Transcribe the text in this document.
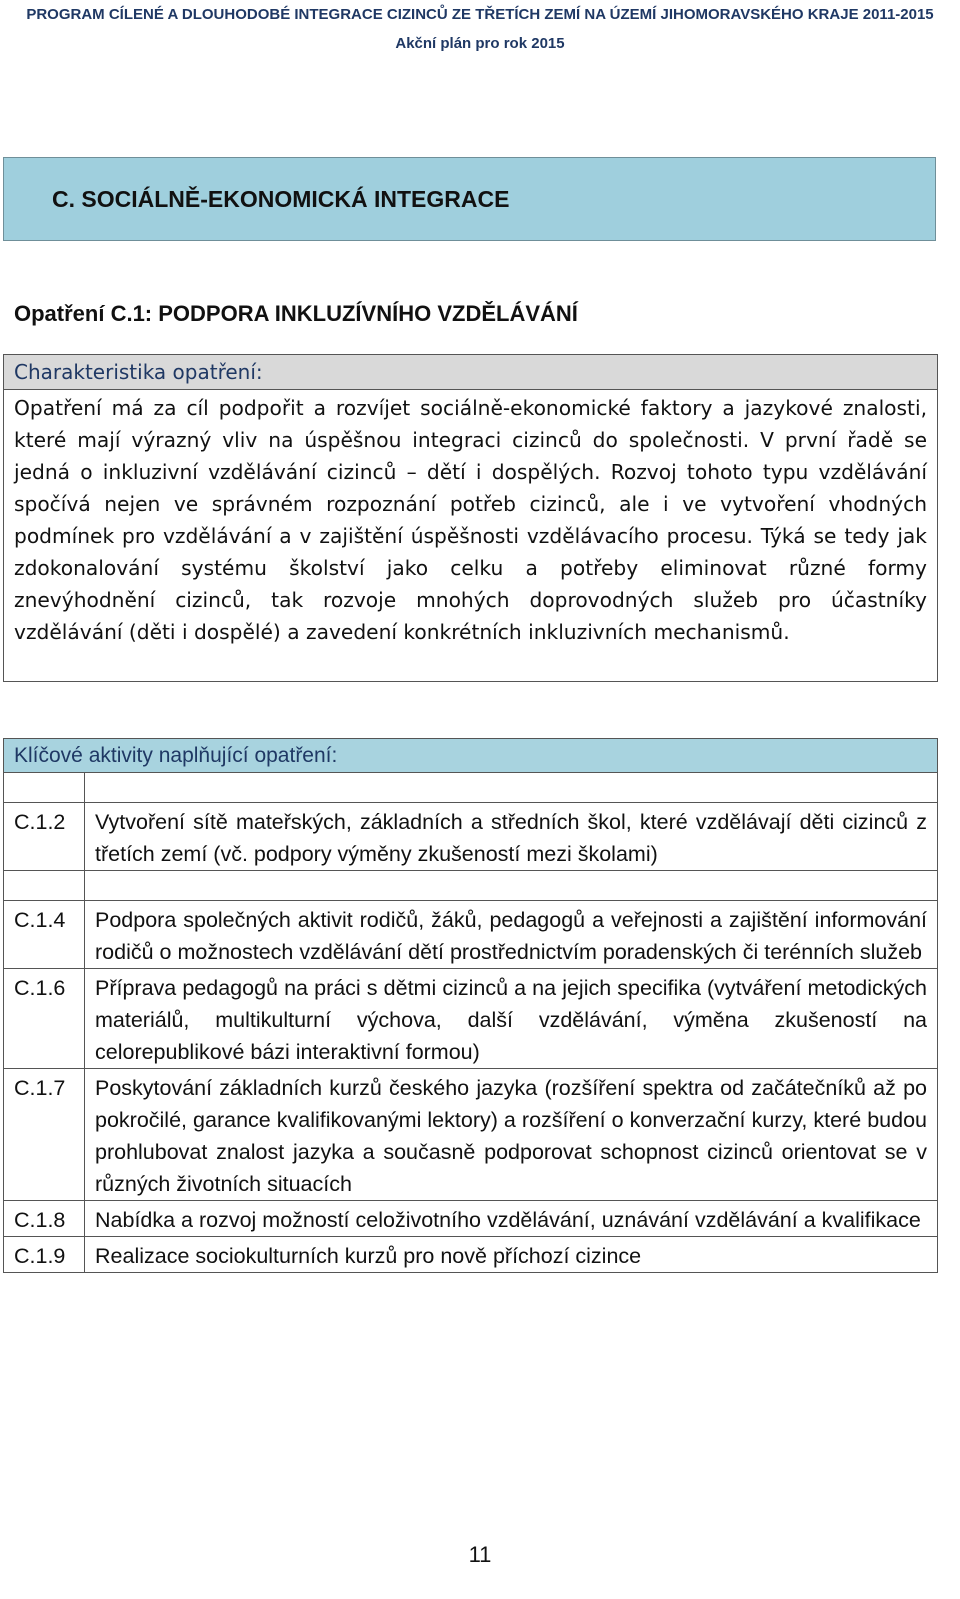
PROGRAM CÍLENÉ A DLOUHODOBÉ INTEGRACE CIZINCŮ ZE TŘETÍCH ZEMÍ NA ÚZEMÍ JIHOMORAVSKÉHO KRAJE 2011-2015
Akční plán pro rok 2015
C. SOCIÁLNĚ-EKONOMICKÁ INTEGRACE
Opatření C.1: PODPORA INKLUZÍVNÍHO VZDĚLÁVÁNÍ
Charakteristika opatření:
Opatření má za cíl podpořit a rozvíjet sociálně-ekonomické faktory a jazykové znalosti, které mají výrazný vliv na úspěšnou integraci cizinců do společnosti. V první řadě se jedná o inkluzivní vzdělávání cizinců – dětí i dospělých. Rozvoj tohoto typu vzdělávání spočívá nejen ve správném rozpoznání potřeb cizinců, ale i ve vytvoření vhodných podmínek pro vzdělávání a v zajištění úspěšnosti vzdělávacího procesu. Týká se tedy jak zdokonalování systému školství jako celku a potřeby eliminovat různé formy znevýhodnění cizinců, tak rozvoje mnohých doprovodných služeb pro účastníky vzdělávání (děti i dospělé) a zavedení konkrétních inkluzivních mechanismů.
Klíčové aktivity naplňující opatření:	

C.1.2	Vytvoření sítě mateřských, základních a středních škol, které vzdělávají děti cizinců z třetích zemí (vč. podpory výměny zkušeností mezi školami)

C.1.4	Podpora společných aktivit rodičů, žáků, pedagogů a veřejnosti a zajištění informování rodičů o možnostech vzdělávání dětí prostřednictvím poradenských či terénních služeb
C.1.6	Příprava pedagogů na práci s dětmi cizinců a na jejich specifika (vytváření metodických materiálů, multikulturní výchova, další vzdělávání, výměna zkušeností na celorepublikové bázi interaktivní formou)
C.1.7	Poskytování základních kurzů českého jazyka (rozšíření spektra od začátečníků až po pokročilé, garance kvalifikovanými lektory) a rozšíření o konverzační kurzy, které budou prohlubovat znalost jazyka a současně podporovat schopnost cizinců orientovat se v různých životních situacích
C.1.8	Nabídka a rozvoj možností celoživotního vzdělávání, uznávání vzdělávání a kvalifikace
C.1.9	Realizace sociokulturních kurzů pro nově příchozí cizince
11
